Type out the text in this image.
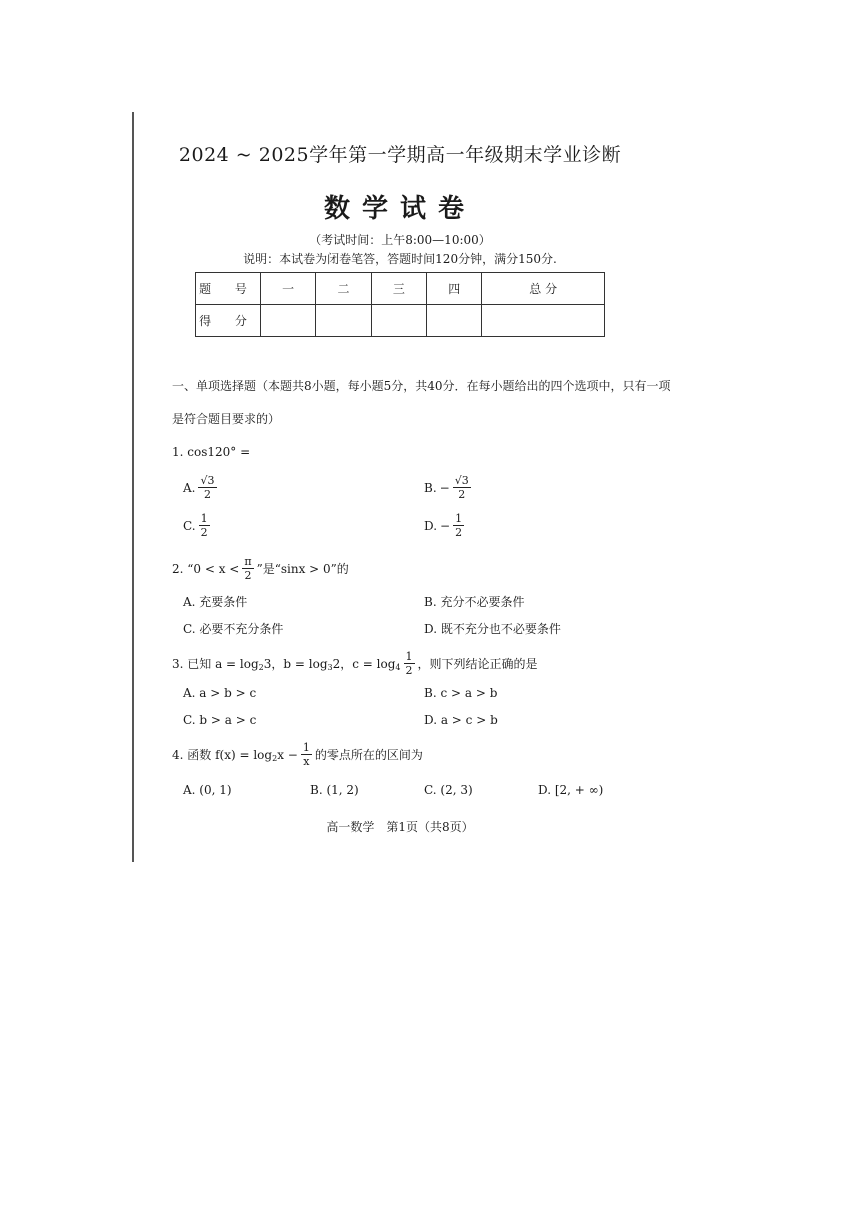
2024 ~ 2025学年第一学期高一年级期末学业诊断
数学试卷
（考试时间：上午8:00—10:00）
说明：本试卷为闭卷笔答，答题时间120分钟，满分150分.
题 号	一	二	三	四	总 分
得 分					
一、单项选择题（本题共8小题，每小题5分，共40分．在每小题给出的四个选项中，只有一项
是符合题目要求的）
1. cos120° =
A. $\frac{√3}{2}$	B. − $\frac{√3}{2}$
C. $\frac{1}{2}$	D. − $\frac{1}{2}$
2. “$0 < x < \frac{\pi}{2}$ ”是“sinx > 0”的
A. 充要条件	B. 充分不必要条件
C. 必要不充分条件	D. 既不充分也不必要条件
3. 已知 $a = \log_23$，$b = \log_32$，$c = \log_4 \frac{1}{2}$ ，则下列结论正确的是
A. a > b > c	B. c > a > b
C. b > a > c	D. a > c > b
4. 函数 $f(x) = \log_2x - \frac{1}{x}$ 的零点所在的区间为
A. (0, 1)	B. (1, 2)	C. (2, 3)	D. [2, + ∞)
高一数学　第1页（共8页）
